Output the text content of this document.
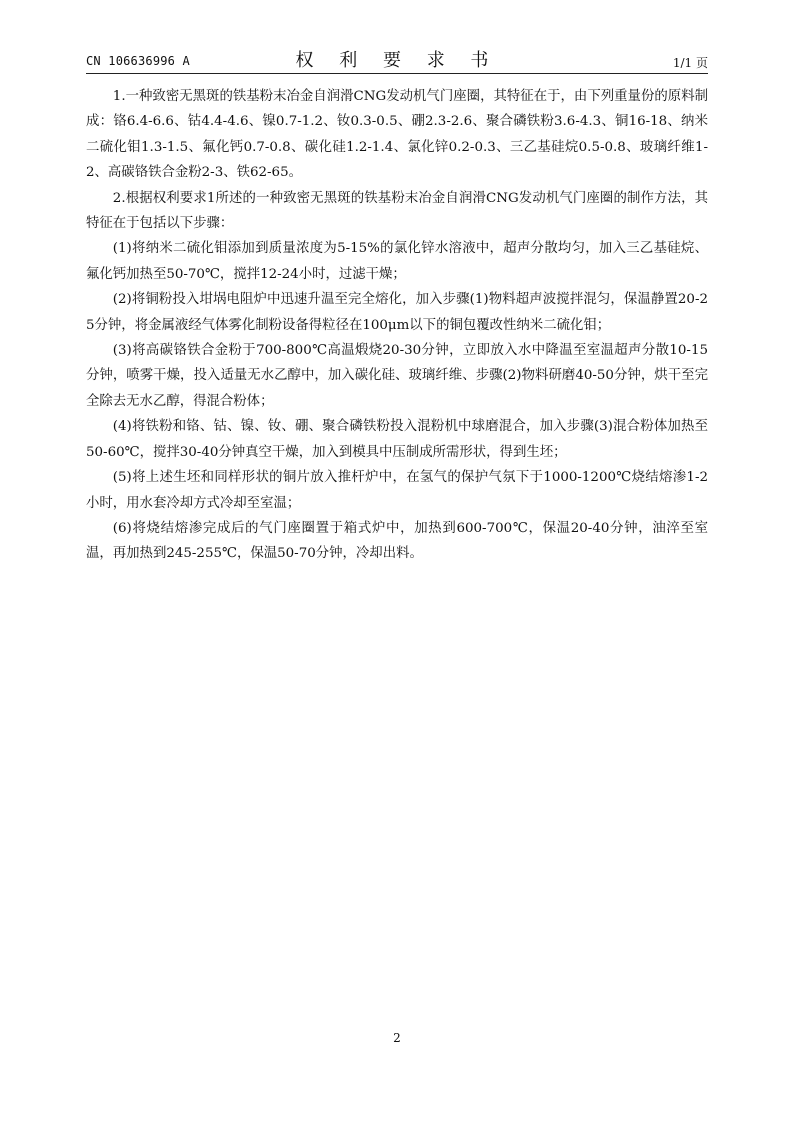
CN 106636996 A	权 利 要 求 书	1/1 页

1.一种致密无黑斑的铁基粉末冶金自润滑CNG发动机气门座圈，其特征在于，由下列重量份的原料制成：铬6.4-6.6、钴4.4-4.6、镍0.7-1.2、钕0.3-0.5、硼2.3-2.6、聚合磷铁粉3.6-4.3、铜16-18、纳米二硫化钼1.3-1.5、氟化钙0.7-0.8、碳化硅1.2-1.4、氯化锌0.2-0.3、三乙基硅烷0.5-0.8、玻璃纤维1-2、高碳铬铁合金粉2-3、铁62-65。

2.根据权利要求1所述的一种致密无黑斑的铁基粉末冶金自润滑CNG发动机气门座圈的制作方法，其特征在于包括以下步骤：

(1)将纳米二硫化钼添加到质量浓度为5-15%的氯化锌水溶液中，超声分散均匀，加入三乙基硅烷、氟化钙加热至50-70℃，搅拌12-24小时，过滤干燥；

(2)将铜粉投入坩埚电阻炉中迅速升温至完全熔化，加入步骤(1)物料超声波搅拌混匀，保温静置20-25分钟，将金属液经气体雾化制粉设备得粒径在100μm以下的铜包覆改性纳米二硫化钼；

(3)将高碳铬铁合金粉于700-800℃高温煅烧20-30分钟，立即放入水中降温至室温超声分散10-15分钟，喷雾干燥，投入适量无水乙醇中，加入碳化硅、玻璃纤维、步骤(2)物料研磨40-50分钟，烘干至完全除去无水乙醇，得混合粉体；

(4)将铁粉和铬、钴、镍、钕、硼、聚合磷铁粉投入混粉机中球磨混合，加入步骤(3)混合粉体加热至50-60℃，搅拌30-40分钟真空干燥，加入到模具中压制成所需形状，得到生坯；

(5)将上述生坯和同样形状的铜片放入推杆炉中，在氢气的保护气氛下于1000-1200℃烧结熔渗1-2小时，用水套冷却方式冷却至室温；

(6)将烧结熔渗完成后的气门座圈置于箱式炉中，加热到600-700℃，保温20-40分钟，油淬至室温，再加热到245-255℃，保温50-70分钟，冷却出料。

2
